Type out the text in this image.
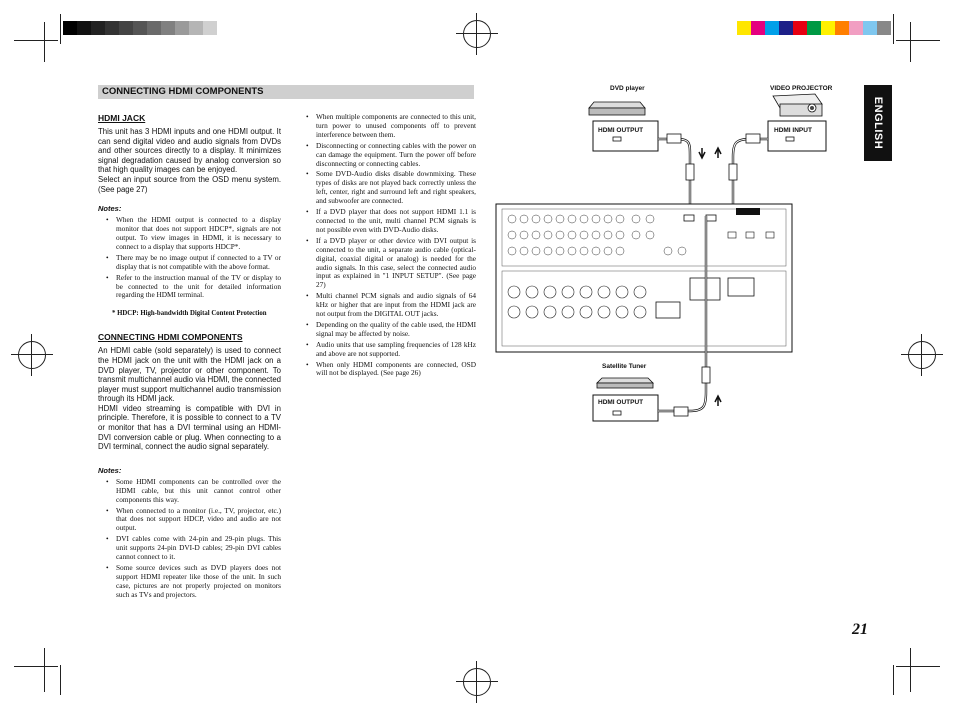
CONNECTING HDMI COMPONENTS
ENGLISH
HDMI JACK

This unit has 3 HDMI inputs and one HDMI output. It can send digital video and audio signals from DVDs and other sources directly to a display. It minimizes signal degradation caused by analog conversion so that high quality images can be enjoyed.

Select an input source from the OSD menu system. (See page 27)

Notes:
• When the HDMI output is connected to a display monitor that does not support HDCP*, signals are not output. To view images in HDMI, it is necessary to connect to a display that supports HDCP*.
• There may be no image output if connected to a TV or display that is not compatible with the above format.
• Refer to the instruction manual of the TV or display to be connected to the unit for detailed information regarding the HDMI terminal.
* HDCP: High-bandwidth Digital Content Protection
CONNECTING HDMI COMPONENTS

An HDMI cable (sold separately) is used to connect the HDMI jack on the unit with the HDMI jack on a DVD player, TV, projector or other component. To transmit multichannel audio via HDMI, the connected player must support multichannel audio transmission through its HDMI jack.

HDMI video streaming is compatible with DVI in principle. Therefore, it is possible to connect to a TV or monitor that has a DVI terminal using an HDMI-DVI conversion cable or plug. When connecting to a DVI terminal, connect the audio signal separately.

Notes:
• Some HDMI components can be controlled over the HDMI cable, but this unit cannot control other components this way.
• When connected to a monitor (i.e., TV, projector, etc.) that does not support HDCP, video and audio are not output.
• DVI cables come with 24-pin and 29-pin plugs. This unit supports 24-pin DVI-D cables; 29-pin DVI cables cannot connect to it.
• Some source devices such as DVD players does not support HDMI repeater like those of the unit. In such case, pictures are not properly projected on monitors such as TVs and projectors.
• When multiple components are connected to this unit, turn power to unused components off to prevent interference between them.
• Disconnecting or connecting cables with the power on can damage the equipment. Turn the power off before disconnecting or connecting cables.
• Some DVD-Audio disks disable downmixing. These types of disks are not played back correctly unless the left, center, right and surround left and right speakers, and subwoofer are connected.
• If a DVD player that does not support HDMI 1.1 is connected to the unit, multi channel PCM signals is not possible even with DVD-Audio disks.
• If a DVD player or other device with DVI output is connected to the unit, a separate audio cable (optical-digital, coaxial digital or analog) is needed for the audio signals. In this case, select the connected audio input as explained in "1 INPUT SETUP". (See page 27)
• Multi channel PCM signals and audio signals of 64 kHz or higher that are input from the HDMI jack are not output from the DIGITAL OUT jacks.
• Depending on the quality of the cable used, the HDMI signal may be affected by noise.
• Audio units that use sampling frequencies of 128 kHz and above are not supported.
• When only HDMI components are connected, OSD will not be displayed. (See page 26)
DVD player
HDMI OUTPUT
VIDEO PROJECTOR
HDMI INPUT
Satellite Tuner
HDMI OUTPUT
21
